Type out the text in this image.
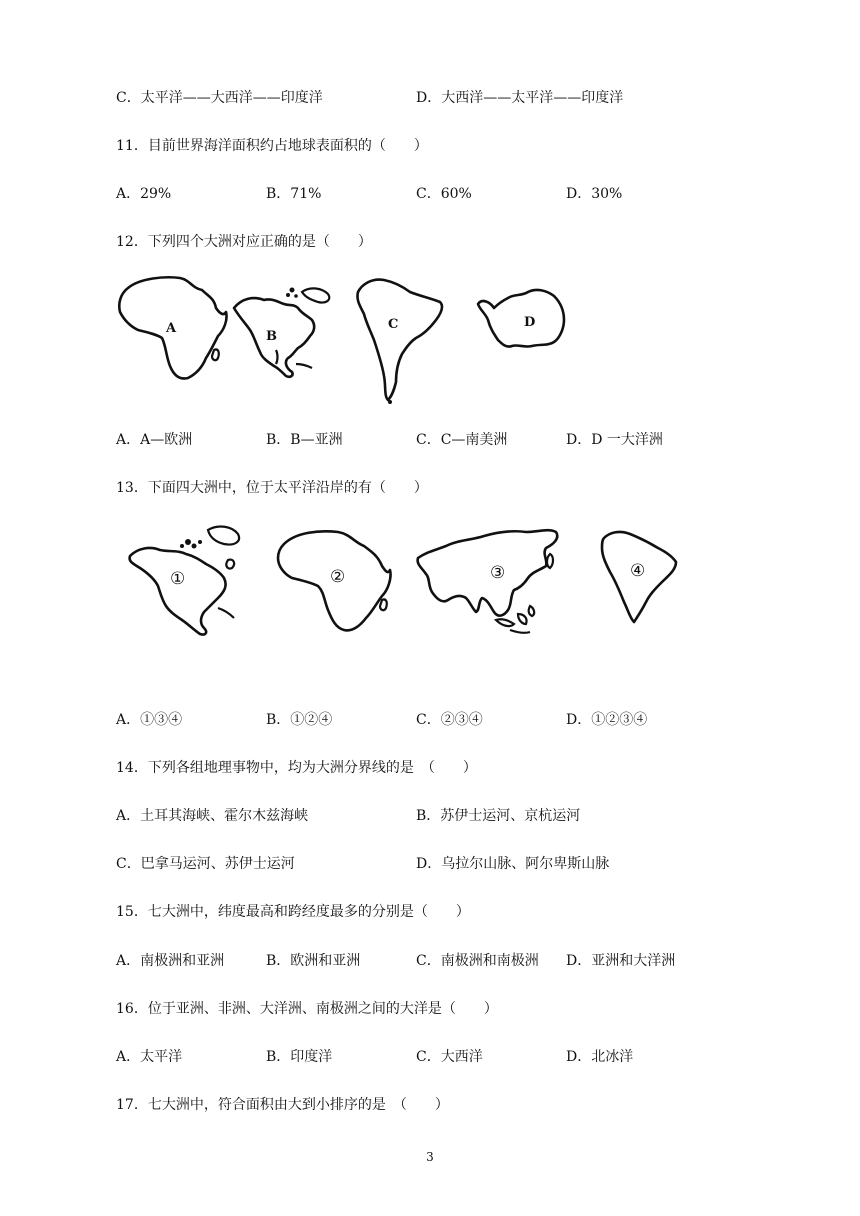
C．太平洋——大西洋——印度洋	D．大西洋——太平洋——印度洋
11．目前世界海洋面积约占地球表面积的（　　）
A．29%	B．71%	C．60%	D．30%
12．下列四个大洲对应正确的是（　　）
A
B
C	D
A．A—欧洲	B．B—亚洲	C．C—南美洲	D．D 一大洋洲
13．下面四大洲中，位于太平洋沿岸的有（　　）
①	②	③	④
A．①③④	B．①②④	C．②③④	D．①②③④
14．下列各组地理事物中，均为大洲分界线的是　（　　）
A．土耳其海峡、霍尔木兹海峡	B．苏伊士运河、京杭运河
C．巴拿马运河、苏伊士运河	D．乌拉尔山脉、阿尔卑斯山脉
15．七大洲中，纬度最高和跨经度最多的分别是（　　）
A．南极洲和亚洲	B．欧洲和亚洲	C．南极洲和南极洲 D．亚洲和大洋洲
16．位于亚洲、非洲、大洋洲、南极洲之间的大洋是（　　）
A．太平洋	B．印度洋	C．大西洋	D．北冰洋
17．七大洲中，符合面积由大到小排序的是　（　　）
3
